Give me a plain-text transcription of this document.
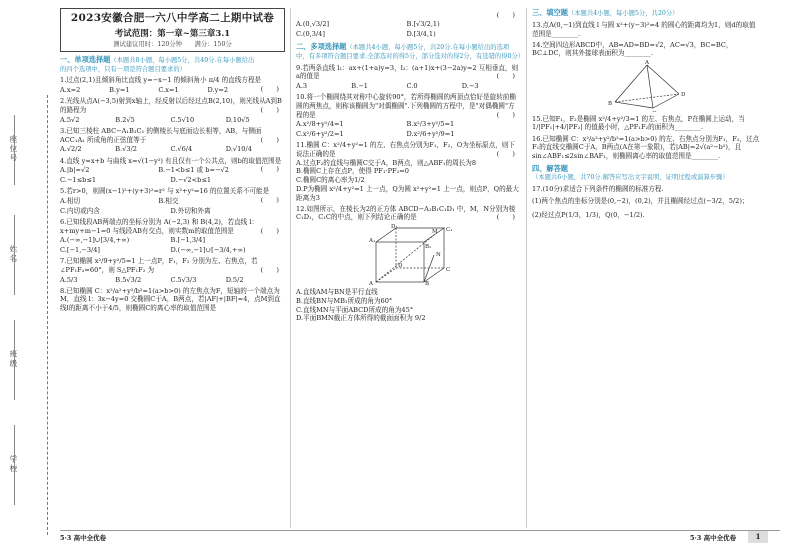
座位号
姓名
班级
学校
2023安徽合肥一六八中学高二上期中试卷
考试范围：第一章~第三章3.1
测试建议用时：120分钟　　满分：150分
一、单项选择题（本题共8小题，每小题5分，共40分.在每小题给出
的四个选项中，只有一项是符合题目要求的）
1.过点(2,1)且倾斜角比直线 y=−x−1 的倾斜角小 π/4 的直线方程是
(　　)
A.x=2	B.y=1	C.x=1	D.y=2
2.光线从点A(−3,5)射到x轴上，经反射以后经过点B(2,10)，则光线从A到B的路程为	(　　)
A.5√2	B.2√5	C.5√10	D.10√5
3.已知三棱柱 ABC−A₁B₁C₁ 的侧棱长与底面边长相等，AB，与侧面 ACC₁A₁ 所成角的正弦值等于	(　　)
A.√2/2	B.√3/2	C.√6/4	D.√10/4
4.直线 y=x+b 与曲线 x=√(1−y²) 有且仅有一个公共点，则b的取值范围是
(　　)
A.|b|=√2	B.−1<b≤1 或 b=−√2
C.−1≤b≤1	D.−√2<b≤1
5.若r>0，则圆(x−1)²+(y+3)²=r² 与 x²+y²=16 的位置关系不可能是
(　　)
A.相切	B.相交
C.内切或内含	D.外切和外离
6.已知线段AB两端点的坐标分别为 A(−2,3) 和 B(4,2)，若直线 l：x+my+m−1=0 与线段AB有交点，则实数m的取值范围是	(　　)
A.(−∞,−1]∪[3/4,+∞)	B.[−1,3/4]
C.[−1,−3/4]	D.(−∞,−1]∪[−3/4,+∞)
7.已知椭圆 x²/9+y²/5=1 上一点P，F₁，F₂ 分别为左、右焦点，若∠PF₁F₂=60°，则 S△PF₁F₂ 为	(　　)
A.5/3	B.5√3/2	C.5√3/3	D.5/2
8.已知椭圆 C：x²/a²+y²/b²=1(a>b>0) 的左焦点为F，短轴的一个端点为M，直线 l：3x−4y=0 交椭圆C于A，B两点，若|AF|+|BF|=4，点M到直线l的距离不小于4/5，则椭圆C的离心率的取值范围是
(　　)
A.(0,√3/2]	B.[√3/2,1)
C.(0,3/4]	D.[3/4,1)
二、多项选择题（本题共4小题，每小题5分，共20分.在每小题给出的选项中，有多项符合题目要求.全部选对的得5分，部分选对的得2分，有选错的得0分）
9.若两条直线 l₁：ax+(1+a)y=3，l₂：(a+1)x+(3−2a)y=2 互相垂直，则a的值是	(　　)
A.3	B.−1	C.0	D.−3
10.将一个椭圆绕其对称中心旋转90°，若所得椭圆的两顶点恰好是旋转前椭圆的两焦点，则称该椭圆为"对偶椭圆".下列椭圆的方程中，是"对偶椭圆"方程的是	(　　)
A.x²/8+y²/4=1	B.x²/3+y²/5=1
C.x²/6+y²/2=1	D.x²/6+y²/9=1
11.椭圆 C：x²/4+y²=1 的左、右焦点分别为F₁，F₂，O为坐标原点，则下说法正确的是	(　　)
A.过点F₂的直线与椭圆C交于A，B两点，则△ABF₁的周长为8
B.椭圆C上存在点P，使得 PF₁·PF₂=0
C.椭圆C的离心率为1/2
D.P为椭圆 x²/4+y²=1 上一点，Q为圆 x²+y²=1 上一点，则点P，Q的最大距离为3
12.如图所示，在棱长为2的正方体 ABCD−A₁B₁C₁D₁ 中，M，N分别为棱C₁D₁，C₁C的中点，则下列结论正确的是	(　　)
A	B
C
D
A₁
B₁
C₁
D₁
M
N
A.直线AM与BN是平行直线
B.直线BN与MB₁所成的角为60°
C.直线MN与平面ABCD所成的角为45°
D.平面BMN截正方体所得的截面面积为 9/2
三、填空题（本题共4小题，每小题5分，共20分）
13.点A(0,−1)到直线 l 与圆 x²+(y−3)²=4 的圆心的距离均为1，则d的取值范围是________.
14.空间四边形ABCD中，AB=AD=BD=√2，AC=√3，BC=BC，BC⊥DC，则其外接球表面积为________.
A
B
D
15.已知F₁，F₂是椭圆 x²/4+y²/3=1 的左、右焦点，P在椭圆上运动，当 1/|PF₁|+4/|PF₂| 的值最小时，△PF₁F₂的面积为________.
16.已知椭圆 C：x²/a²+y²/b²=1(a>b>0) 的左、右焦点分别为F₁，F₂，过点F₁的直线交椭圆C于A，B两点(A在第一象限)，若|AB|=2√(a²−b²)，且 sin∠ABF₁≤2sin∠BAF₁，则椭圆离心率的取值范围是________.
四、解答题（本题共6小题，共70分.解答应写出文字说明、证明过程或演算步骤）
17.(10分)求适合下列条件的椭圆的标准方程.
(1)两个焦点的坐标分别是(0,−2)，(0,2)，并且椭圆经过点(−3/2，5/2)；
(2)经过点P(1/3，1/3)，Q(0，−1/2).
5·3 高中全优卷	5·3 高中全优卷	1
